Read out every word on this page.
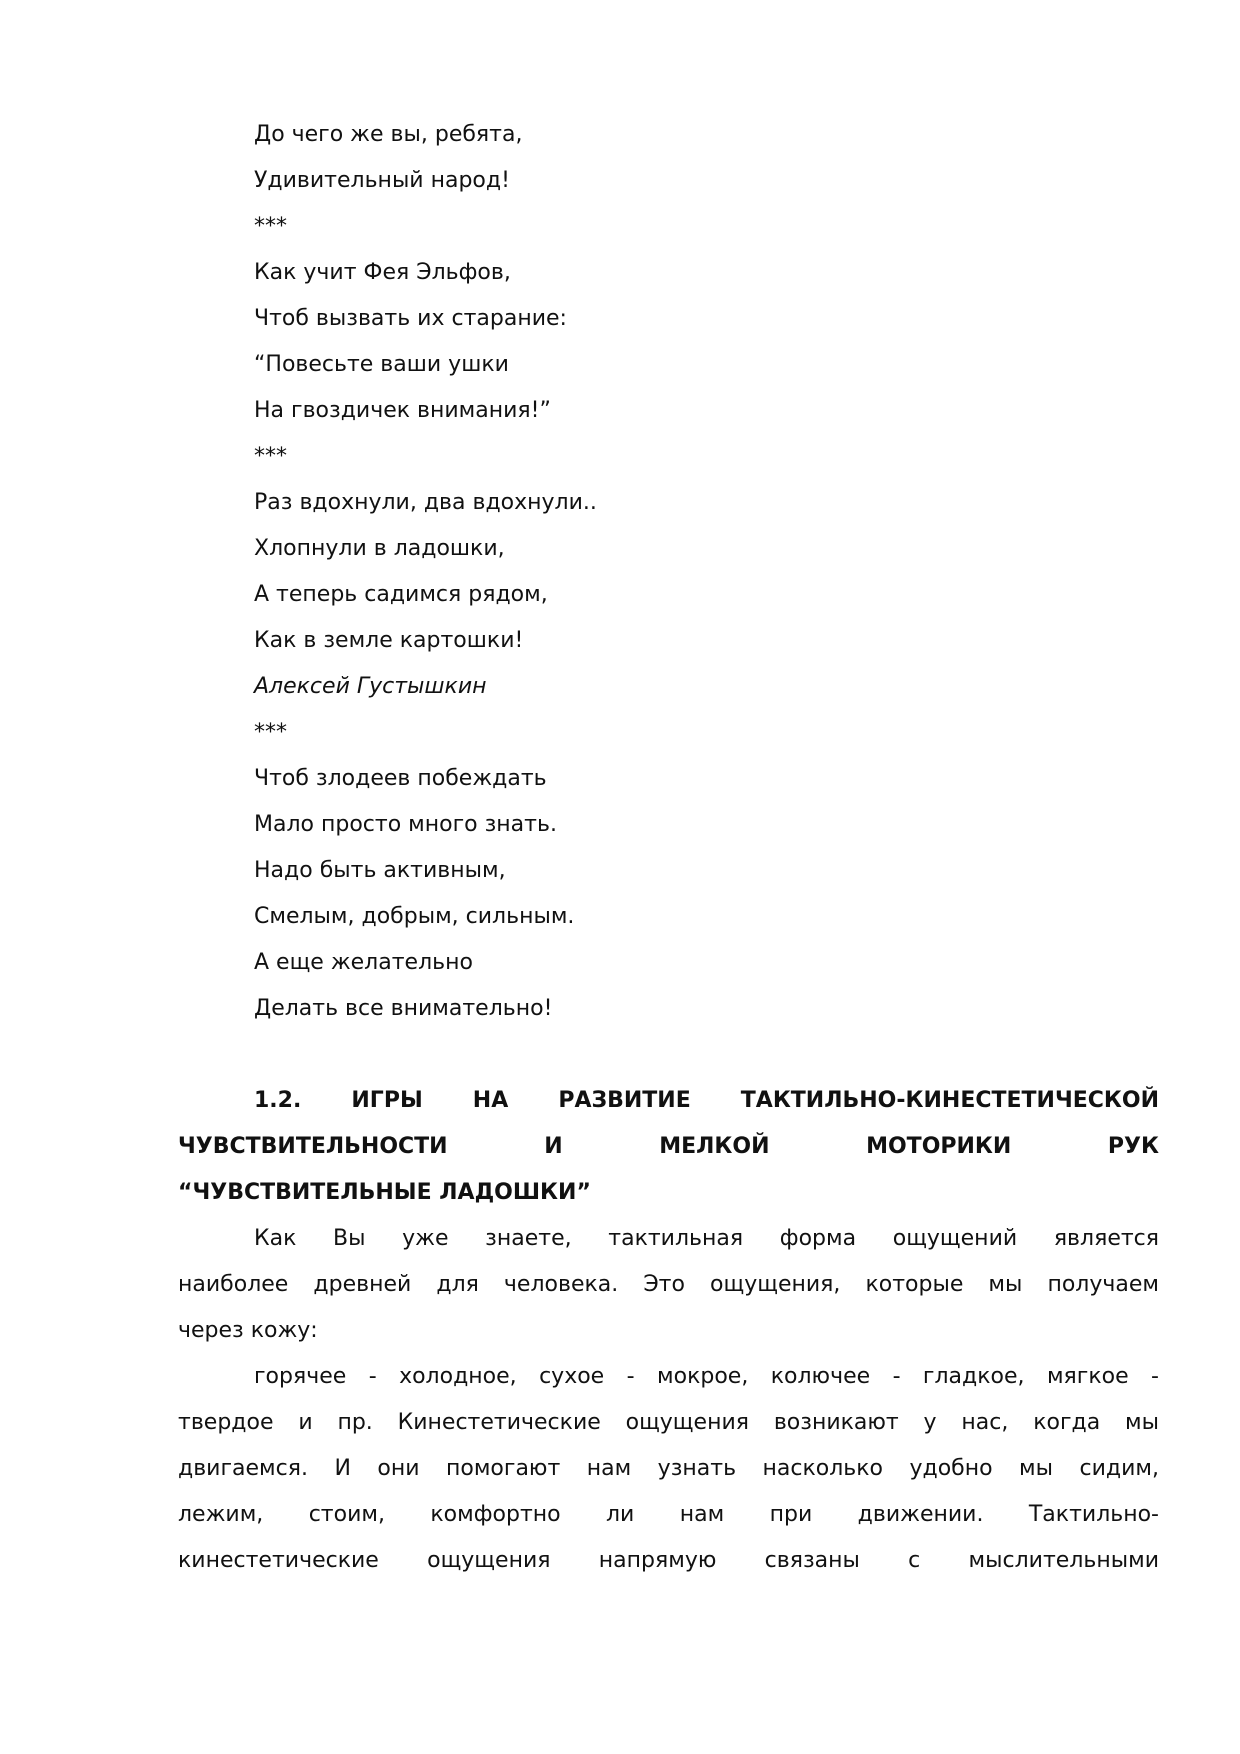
До чего же вы, ребята,
Удивительный народ!
***
Как учит Фея Эльфов,
Чтоб вызвать их старание:
“Повесьте ваши ушки
На гвоздичек внимания!”
***
Раз вдохнули, два вдохнули..
Хлопнули в ладошки,
А теперь садимся рядом,
Как в земле картошки!
Алексей Густышкин
***
Чтоб злодеев побеждать
Мало просто много знать.
Надо быть активным,
Смелым, добрым, сильным.
А еще желательно
Делать все внимательно!
1.2. ИГРЫ НА РАЗВИТИЕ ТАКТИЛЬНО-КИНЕСТЕТИЧЕСКОЙ
ЧУВСТВИТЕЛЬНОСТИ И МЕЛКОЙ МОТОРИКИ РУК
“ЧУВСТВИТЕЛЬНЫЕ ЛАДОШКИ”
Как Вы уже знаете, тактильная форма ощущений является
наиболее древней для человека. Это ощущения, которые мы получаем
через кожу:
горячее - холодное, сухое - мокрое, колючее - гладкое, мягкое -
твердое и пр. Кинестетические ощущения возникают у нас, когда мы
двигаемся. И они помогают нам узнать насколько удобно мы сидим,
лежим, стоим, комфортно ли нам при движении. Тактильно-
кинестетические ощущения напрямую связаны с мыслительными
